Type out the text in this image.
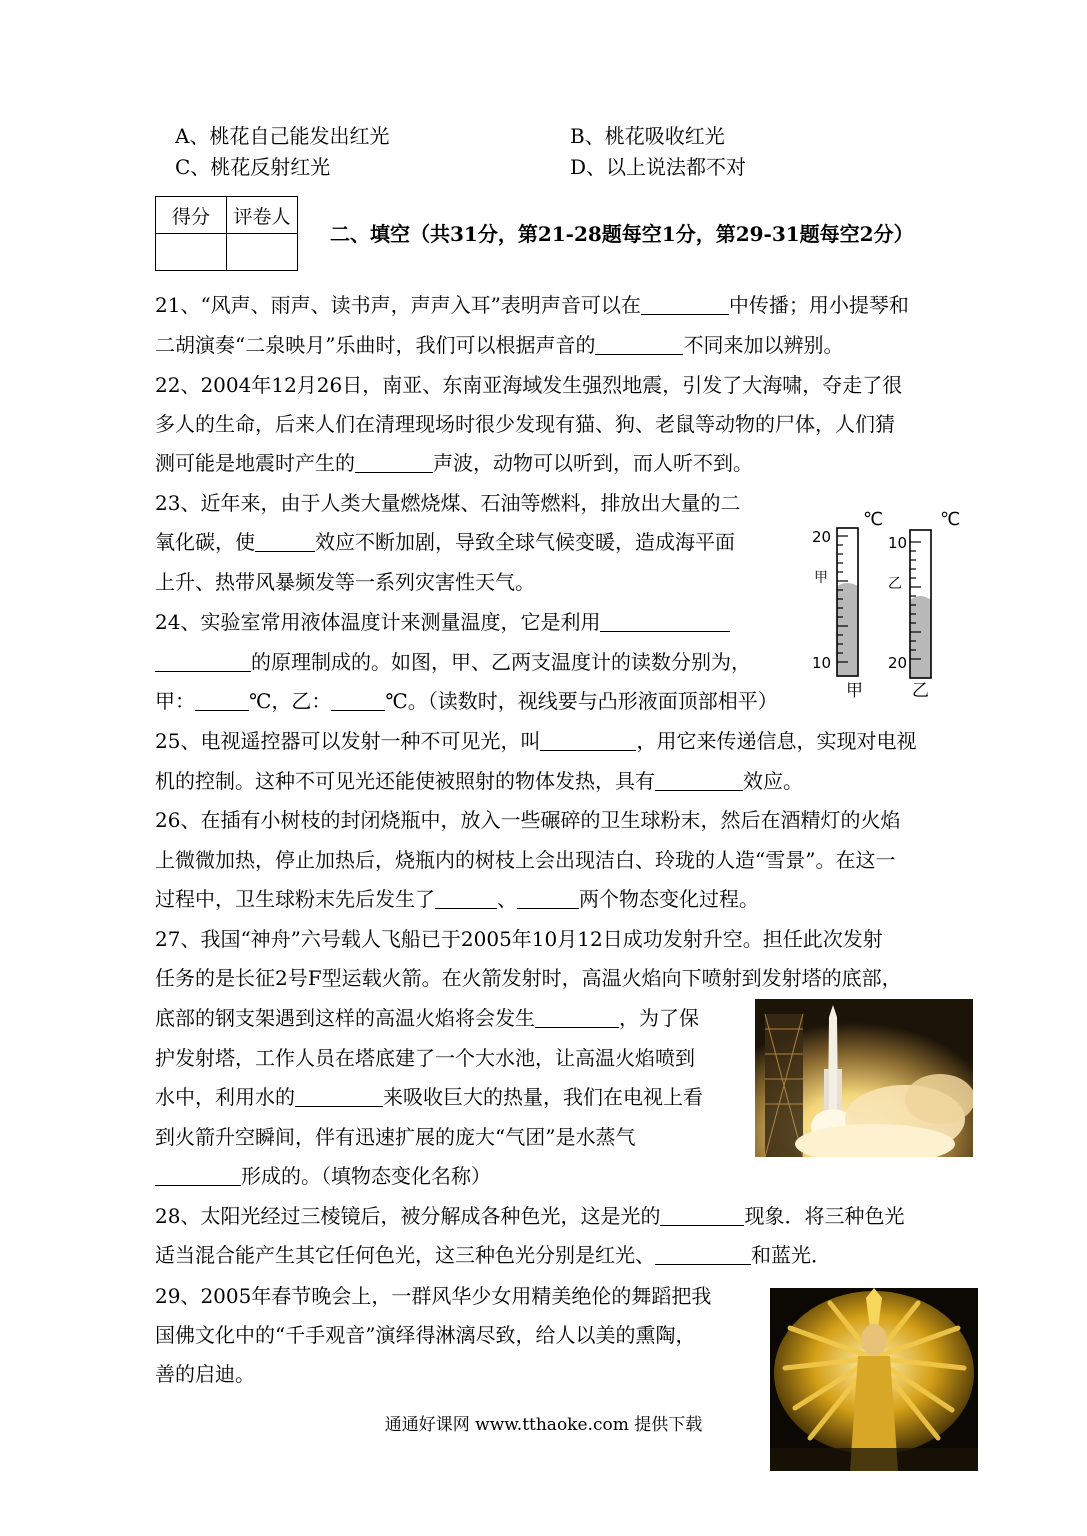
A、桃花自己能发出红光	B、桃花吸收红光
C、桃花反射红光	D、以上说法都不对
得分	评卷人

二、填空（共31分，第21-28题每空1分，第29-31题每空2分）
21、“风声、雨声、读书声，声声入耳”表明声音可以在	中传播；用小提琴和
二胡演奏“二泉映月”乐曲时，我们可以根据声音的	不同来加以辨别。
22、2004年12月26日，南亚、东南亚海域发生强烈地震，引发了大海啸，夺走了很
多人的生命，后来人们在清理现场时很少发现有猫、狗、老鼠等动物的尸体，人们猜
测可能是地震时产生的	声波，动物可以听到，而人听不到。
23、近年来，由于人类大量燃烧煤、石油等燃料，排放出大量的二
氧化碳，使	效应不断加剧，导致全球气候变暖，造成海平面
上升、热带风暴频发等一系列灾害性天气。
24、实验室常用液体温度计来测量温度，它是利用
的原理制成的。如图，甲、乙两支温度计的读数分别为，
甲：	℃，乙：	℃。（读数时，视线要与凸形液面顶部相平）
℃
20
甲
10
甲
℃
10
乙
20
乙
25、电视遥控器可以发射一种不可见光，叫	，用它来传递信息，实现对电视
机的控制。这种不可见光还能使被照射的物体发热，具有	效应。
26、在插有小树枝的封闭烧瓶中，放入一些碾碎的卫生球粉末，然后在酒精灯的火焰
上微微加热，停止加热后，烧瓶内的树枝上会出现洁白、玲珑的人造“雪景”。在这一
过程中，卫生球粉末先后发生了	、	两个物态变化过程。
27、我国“神舟”六号载人飞船已于2005年10月12日成功发射升空。担任此次发射
任务的是长征2号F型运载火箭。在火箭发射时，高温火焰向下喷射到发射塔的底部，
底部的钢支架遇到这样的高温火焰将会发生	，为了保
护发射塔，工作人员在塔底建了一个大水池，让高温火焰喷到
水中，利用水的	来吸收巨大的热量，我们在电视上看
到火箭升空瞬间，伴有迅速扩展的庞大“气团”是水蒸气
形成的。（填物态变化名称）
28、太阳光经过三棱镜后，被分解成各种色光，这是光的	现象．将三种色光
适当混合能产生其它任何色光，这三种色光分别是红光、	和蓝光．
29、2005年春节晚会上，一群风华少女用精美绝伦的舞蹈把我
国佛文化中的“千手观音”演绎得淋漓尽致，给人以美的熏陶，
善的启迪。
通通好课网 www.tthaoke.com 提供下载
